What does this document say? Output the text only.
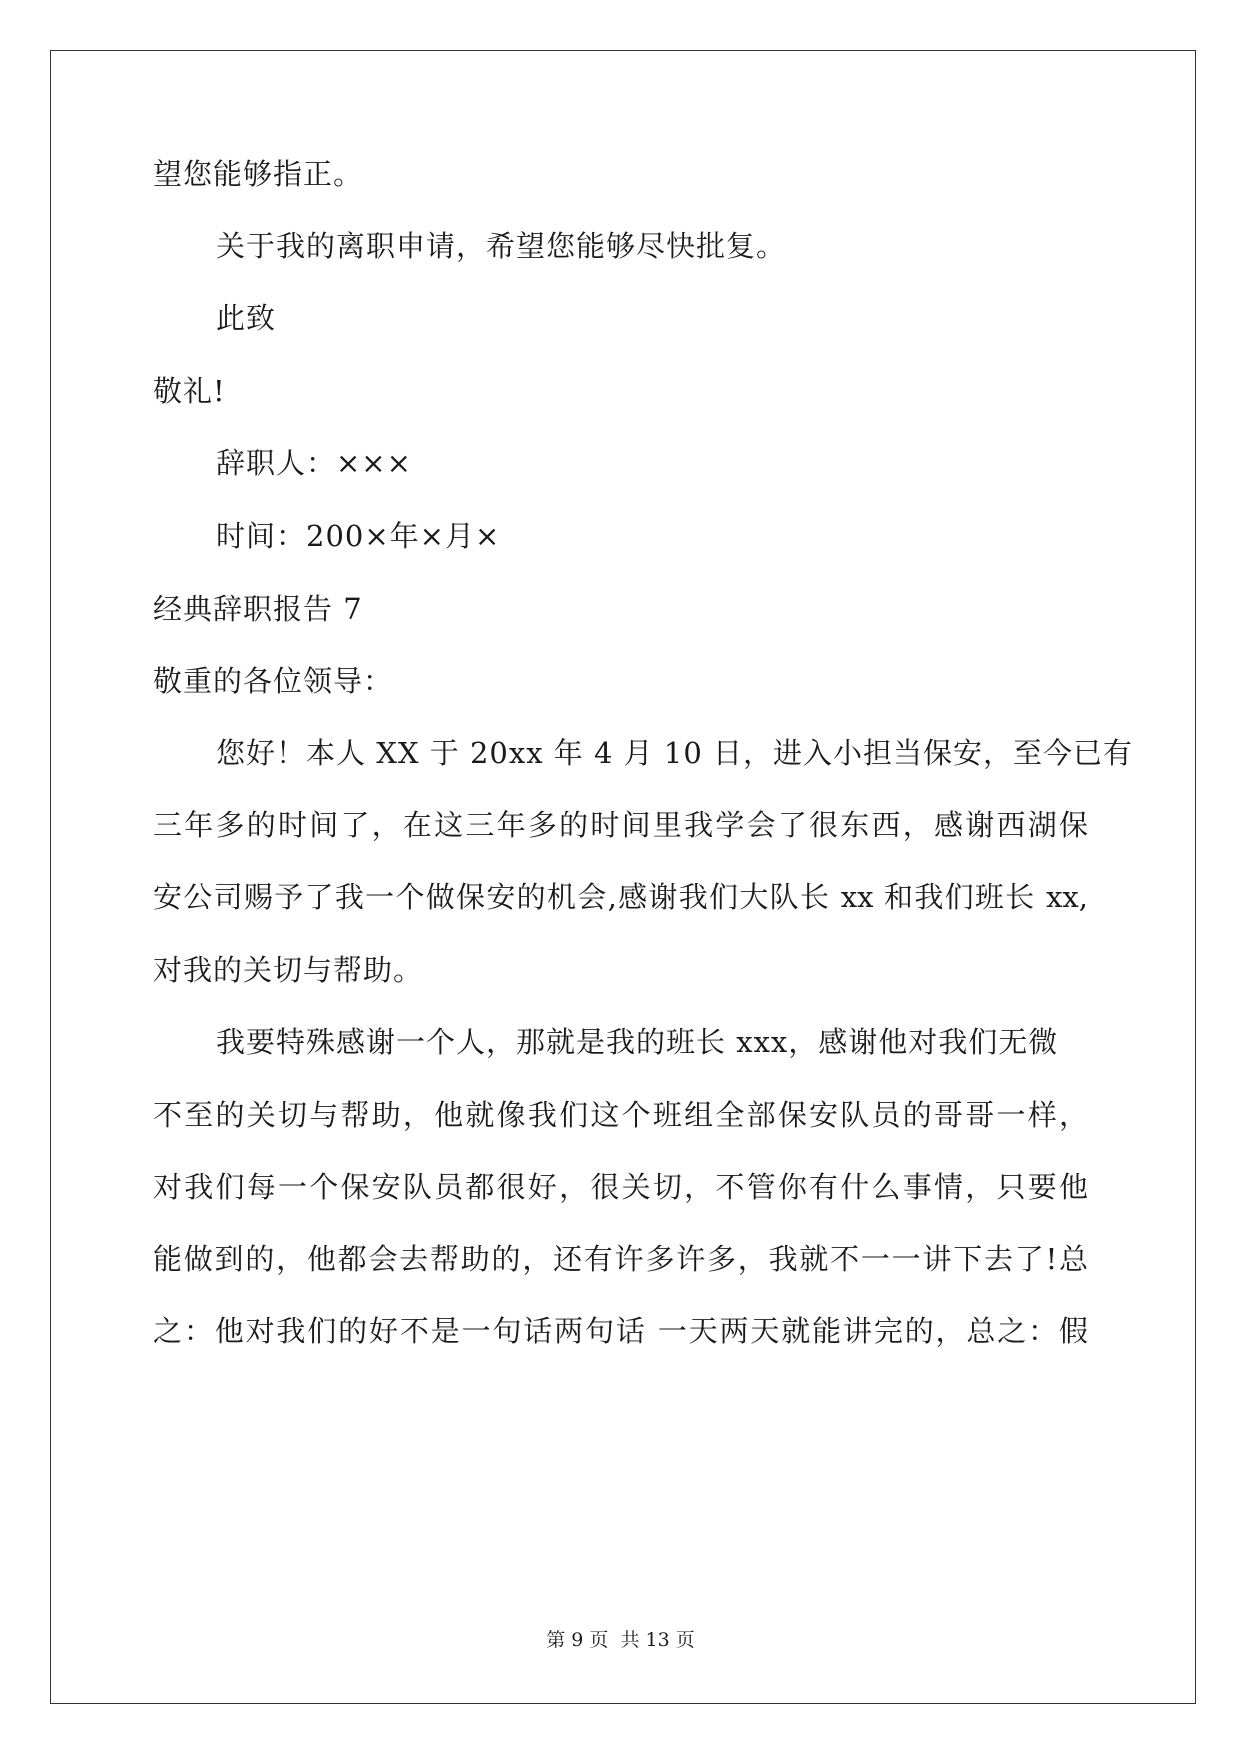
望您能够指正。
关于我的离职申请，希望您能够尽快批复。
此致
敬礼!
辞职人：×××
时间：200×年×月×
经典辞职报告 7
敬重的各位领导：
您好！本人 XX 于 20xx 年 4 月 10 日，进入小担当保安，至今已有
三年多的时间了，在这三年多的时间里我学会了很东西，感谢西湖保
安公司赐予了我一个做保安的机会,感谢我们大队长 xx 和我们班长 xx,
对我的关切与帮助。
我要特殊感谢一个人，那就是我的班长 xxx，感谢他对我们无微
不至的关切与帮助，他就像我们这个班组全部保安队员的哥哥一样，
对我们每一个保安队员都很好，很关切，不管你有什么事情，只要他
能做到的，他都会去帮助的，还有许多许多，我就不一一讲下去了!总
之：他对我们的好不是一句话两句话 一天两天就能讲完的，总之：假
第 9 页 共 13 页
